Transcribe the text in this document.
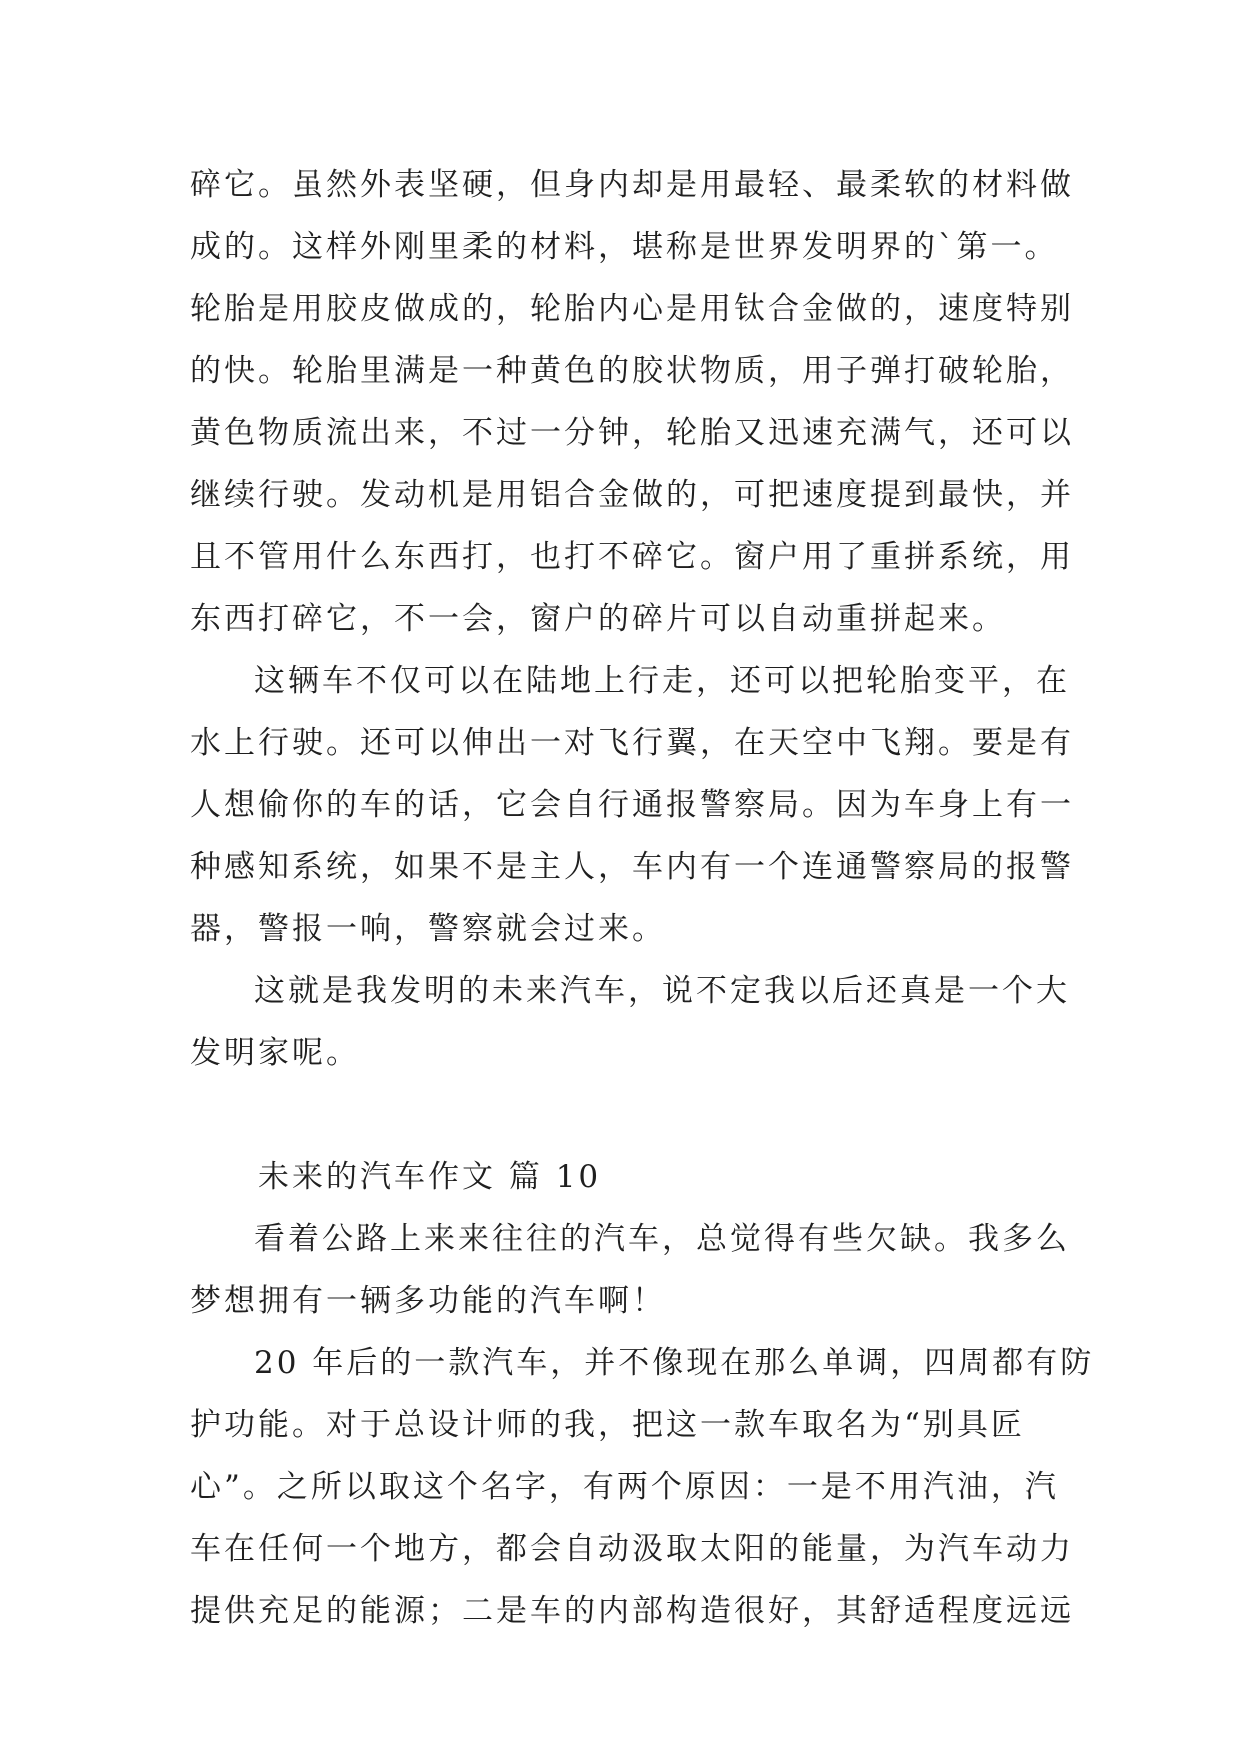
碎它。虽然外表坚硬，但身内却是用最轻、最柔软的材料做
成的。这样外刚里柔的材料，堪称是世界发明界的`第一。
轮胎是用胶皮做成的，轮胎内心是用钛合金做的，速度特别
的快。轮胎里满是一种黄色的胶状物质，用子弹打破轮胎，
黄色物质流出来，不过一分钟，轮胎又迅速充满气，还可以
继续行驶。发动机是用铝合金做的，可把速度提到最快，并
且不管用什么东西打，也打不碎它。窗户用了重拼系统，用
东西打碎它，不一会，窗户的碎片可以自动重拼起来。

这辆车不仅可以在陆地上行走，还可以把轮胎变平，在
水上行驶。还可以伸出一对飞行翼，在天空中飞翔。要是有
人想偷你的车的话，它会自行通报警察局。因为车身上有一
种感知系统，如果不是主人，车内有一个连通警察局的报警
器，警报一响，警察就会过来。

这就是我发明的未来汽车，说不定我以后还真是一个大
发明家呢。

未来的汽车作文 篇 10

看着公路上来来往往的汽车，总觉得有些欠缺。我多么
梦想拥有一辆多功能的汽车啊！

20 年后的一款汽车，并不像现在那么单调，四周都有防
护功能。对于总设计师的我，把这一款车取名为“别具匠
心”。之所以取这个名字，有两个原因：一是不用汽油，汽
车在任何一个地方，都会自动汲取太阳的能量，为汽车动力
提供充足的能源；二是车的内部构造很好，其舒适程度远远
